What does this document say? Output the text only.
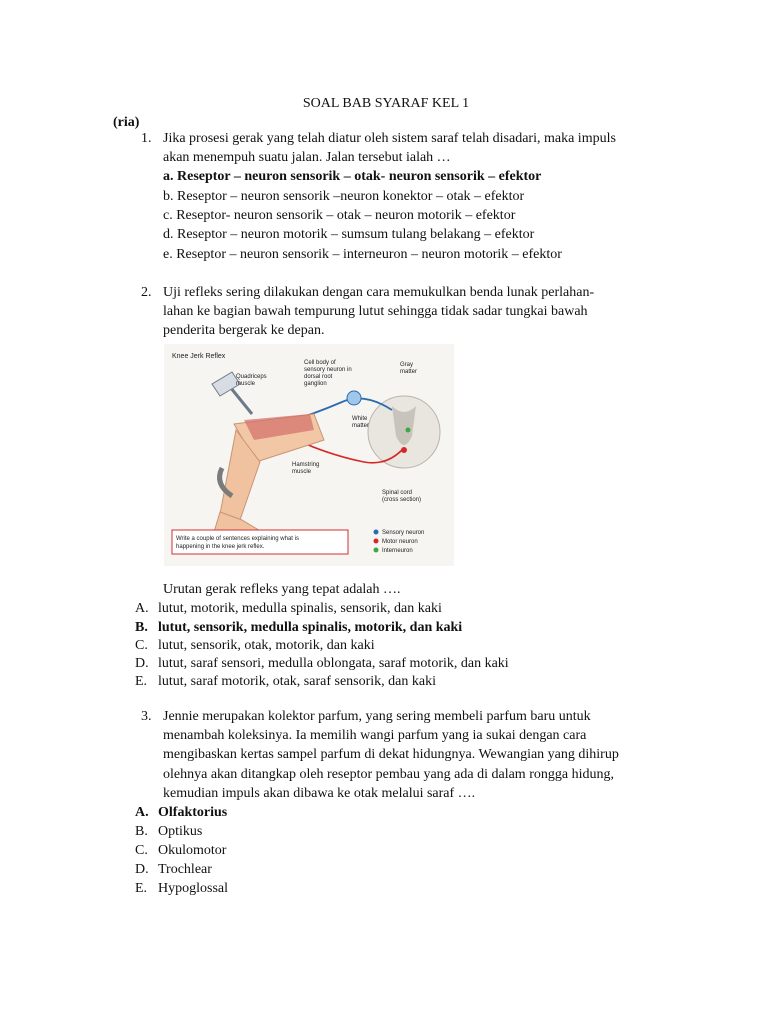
SOAL BAB SYARAF KEL 1
(ria)
1. Jika prosesi gerak yang telah diatur oleh sistem saraf telah disadari, maka impuls
akan menempuh suatu jalan. Jalan tersebut ialah …
a. Reseptor – neuron sensorik – otak- neuron sensorik – efektor
b. Reseptor – neuron sensorik –neuron konektor – otak – efektor
c. Reseptor- neuron sensorik – otak – neuron motorik – efektor
d. Reseptor – neuron motorik – sumsum tulang belakang – efektor
e. Reseptor – neuron sensorik – interneuron – neuron motorik – efektor
2. Uji refleks sering dilakukan dengan cara memukulkan benda lunak perlahan-
lahan ke bagian bawah tempurung lutut sehingga tidak sadar tungkai bawah
penderita bergerak ke depan.
Knee Jerk Reflex
Cell body of
sensory neuron in
dorsal root
ganglion
Gray
matter
Quadriceps
muscle
White
matter
Hamstring
muscle
Spinal cord
(cross section)
Write a couple of sentences explaining what is
happening in the knee jerk reflex.
Sensory neuron
Motor neuron
Interneuron
Urutan gerak refleks yang tepat adalah ….
A. lutut, motorik, medulla spinalis, sensorik, dan kaki
B. lutut, sensorik, medulla spinalis, motorik, dan kaki
C. lutut, sensorik, otak, motorik, dan kaki
D. lutut, saraf sensori, medulla oblongata, saraf motorik, dan kaki
E. lutut, saraf motorik, otak, saraf sensorik, dan kaki
3. Jennie merupakan kolektor parfum, yang sering membeli parfum baru untuk
menambah koleksinya. Ia memilih wangi parfum yang ia sukai dengan cara
mengibaskan kertas sampel parfum di dekat hidungnya. Wewangian yang dihirup
olehnya akan ditangkap oleh reseptor pembau yang ada di dalam rongga hidung,
kemudian impuls akan dibawa ke otak melalui saraf ….
A. Olfaktorius
B. Optikus
C. Okulomotor
D. Trochlear
E. Hypoglossal
